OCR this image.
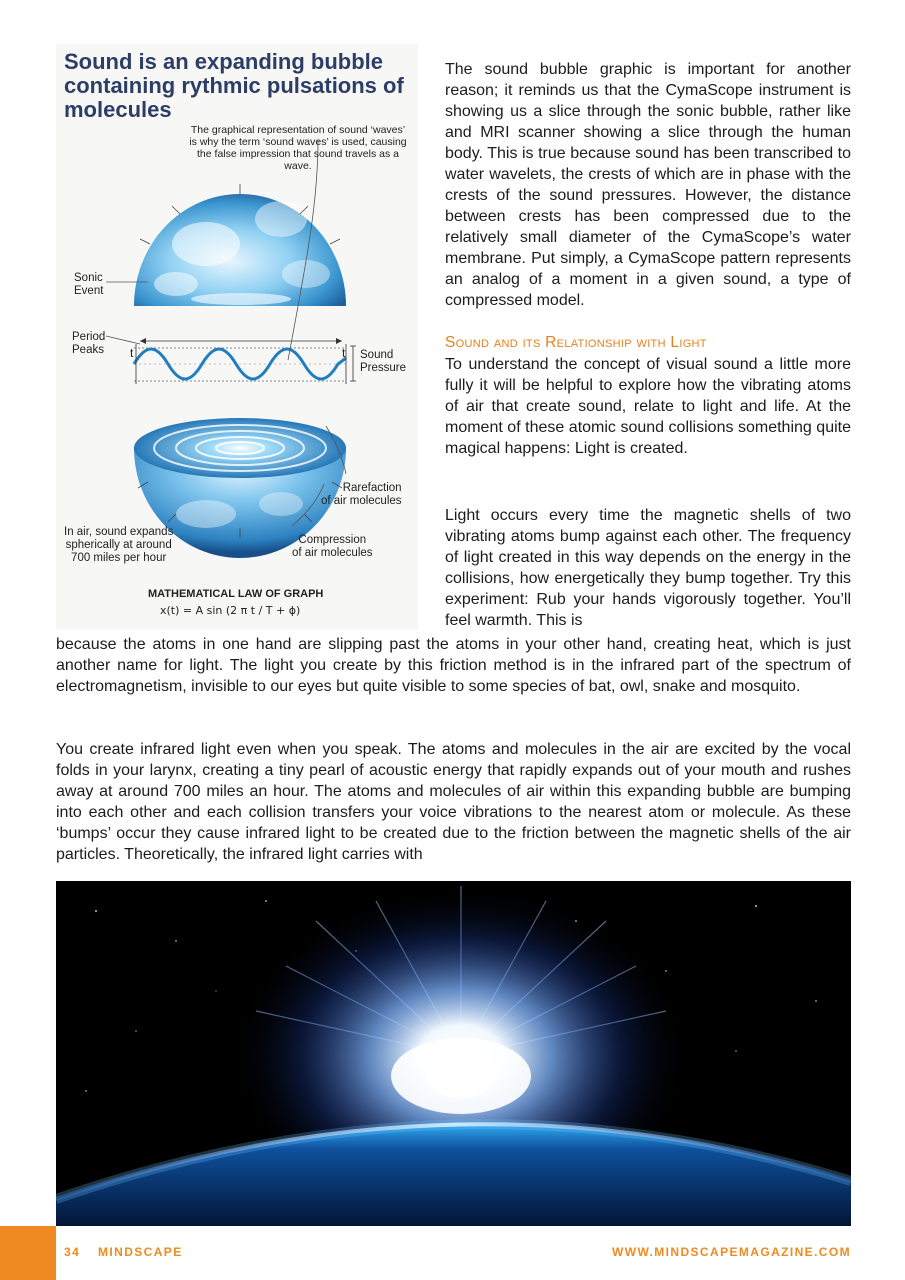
Sound is an expanding bubble containing rythmic pulsations of molecules

The graphical representation of sound ‘waves’ is why the term ‘sound waves’ is used, causing the false impression that sound travels as a wave.

Sonic
Event
Period
Peaks t	t Sound
Pressure
Rarefaction
of air molecules
Compression
of air molecules
In air, sound expands
spherically at around
700 miles per hour
MATHEMATICAL LAW OF GRAPH
x(t) = A sin (2 π t / T + ϕ)

The sound bubble graphic is important for another reason; it reminds us that the CymaScope instrument is showing us a slice through the sonic bubble, rather like and MRI scanner showing a slice through the human body. This is true because sound has been transcribed to water wavelets, the crests of which are in phase with the crests of the sound pressures. However, the distance between crests has been compressed due to the relatively small diameter of the CymaScope’s water membrane. Put simply, a CymaScope pattern represents an analog of a moment in a given sound, a type of compressed model.

Sound and its Relationship with Light

To understand the concept of visual sound a little more fully it will be helpful to explore how the vibrating atoms of air that create sound, relate to light and life. At the moment of these atomic sound collisions something quite magical happens: Light is created.

Light occurs every time the magnetic shells of two vibrating atoms bump against each other. The frequency of light created in this way depends on the energy in the collisions, how energetically they bump together. Try this experiment: Rub your hands vigorously together. You’ll feel warmth. This is

because the atoms in one hand are slipping past the atoms in your other hand, creating heat, which is just another name for light. The light you create by this friction method is in the infrared part of the spectrum of electromagnetism, invisible to our eyes but quite visible to some species of bat, owl, snake and mosquito.

You create infrared light even when you speak. The atoms and molecules in the air are excited by the vocal folds in your larynx, creating a tiny pearl of acoustic energy that rapidly expands out of your mouth and rushes away at around 700 miles an hour. The atoms and molecules of air within this expanding bubble are bumping into each other and each collision transfers your voice vibrations to the nearest atom or molecule. As these ‘bumps’ occur they cause infrared light to be created due to the friction between the magnetic shells of the air particles. Theoretically, the infrared light carries with

34 MINDSCAPE	WWW.MINDSCAPEMAGAZINE.COM
